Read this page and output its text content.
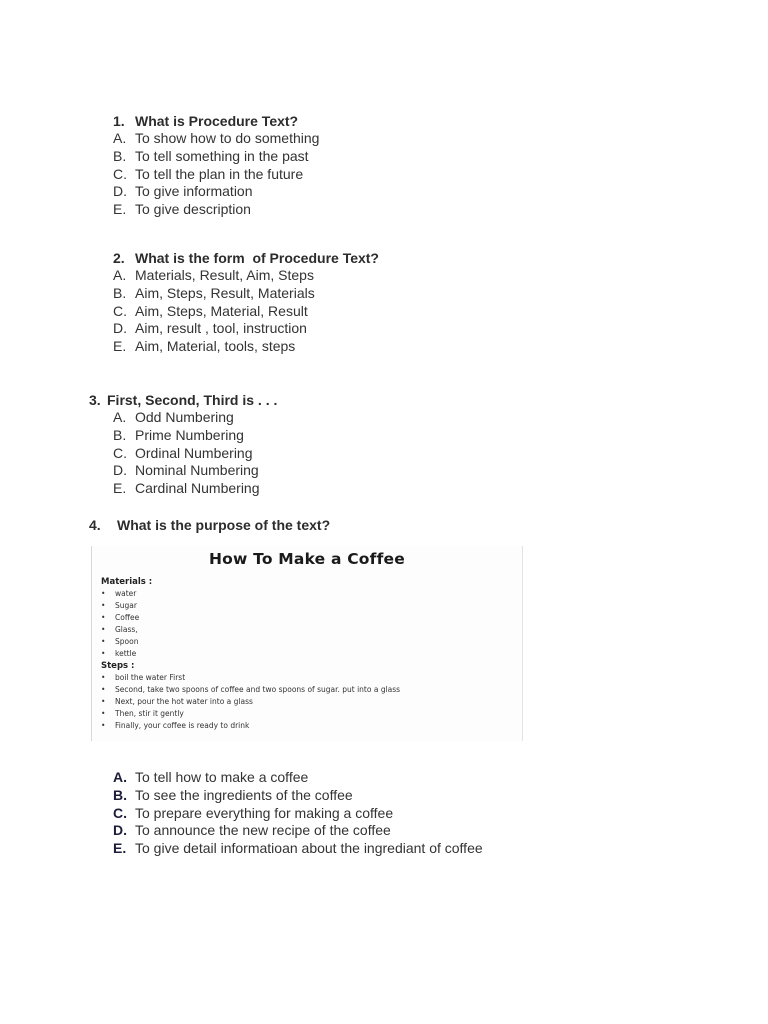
1. What is Procedure Text?
A. To show how to do something
B. To tell something in the past
C. To tell the plan in the future
D. To give information
E. To give description
2. What is the form  of Procedure Text?
A. Materials, Result, Aim, Steps
B. Aim, Steps, Result, Materials
C. Aim, Steps, Material, Result
D. Aim, result , tool, instruction
E. Aim, Material, tools, steps
3. First, Second, Third is . . .
A. Odd Numbering
B. Prime Numbering
C. Ordinal Numbering
D. Nominal Numbering
E. Cardinal Numbering
4. What is the purpose of the text?
How To Make a Coffee
Materials :
• water
• Sugar
• Coffee
• Glass,
• Spoon
• kettle
Steps :
• boil the water First
• Second, take two spoons of coffee and two spoons of sugar. put into a glass
• Next, pour the hot water into a glass
• Then, stir it gently
• Finally, your coffee is ready to drink
A. To tell how to make a coffee
B. To see the ingredients of the coffee
C. To prepare everything for making a coffee
D. To announce the new recipe of the coffee
E. To give detail informatioan about the ingrediant of coffee
